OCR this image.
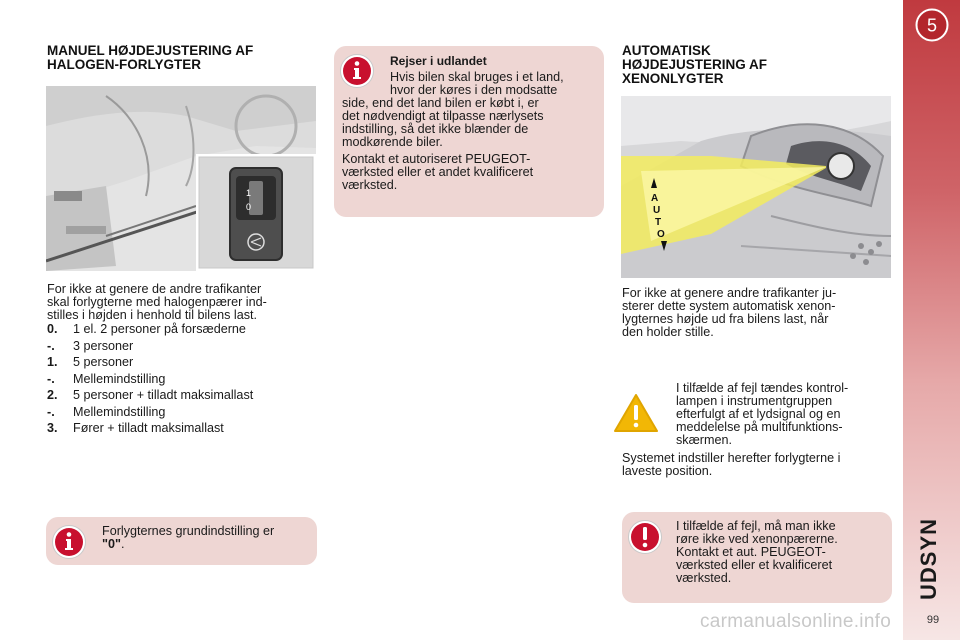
5
UDSYN
99
MANUEL HØJDEJUSTERING AF
HALOGEN-FORLYGTER
1
0
For ikke at genere de andre trafikanter
skal forlygterne med halogenpærer ind-
stilles i højden i henhold til bilens last.
0. 1 el. 2 personer på forsæderne
-. 3 personer
1. 5 personer
-. Mellemindstilling
2. 5 personer + tilladt maksimallast
-. Mellemindstilling
3. Fører + tilladt maksimallast
Forlygternes grundindstilling er
"0".
Rejser i udlandet
Hvis bilen skal bruges i et land,
hvor der køres i den modsatte
side, end det land bilen er købt i, er
det nødvendigt at tilpasse nærlysets
indstilling, så det ikke blænder de
modkørende biler.
Kontakt et autoriseret PEUGEOT-
værksted eller et andet kvalificeret
værksted.
AUTOMATISK
HØJDEJUSTERING AF
XENONLYGTER
A
U
T
O
For ikke at genere andre trafikanter ju-
sterer dette system automatisk xenon-
lygternes højde ud fra bilens last, når
den holder stille.
I tilfælde af fejl tændes kontrol-
lampen i instrumentgruppen
efterfulgt af et lydsignal og en
meddelelse på multifunktions-
skærmen.
Systemet indstiller herefter forlygterne i
laveste position.
I tilfælde af fejl, må man ikke
røre ikke ved xenonpærerne.
Kontakt et aut. PEUGEOT-
værksted eller et kvalificeret
værksted.
carmanualsonline.info
